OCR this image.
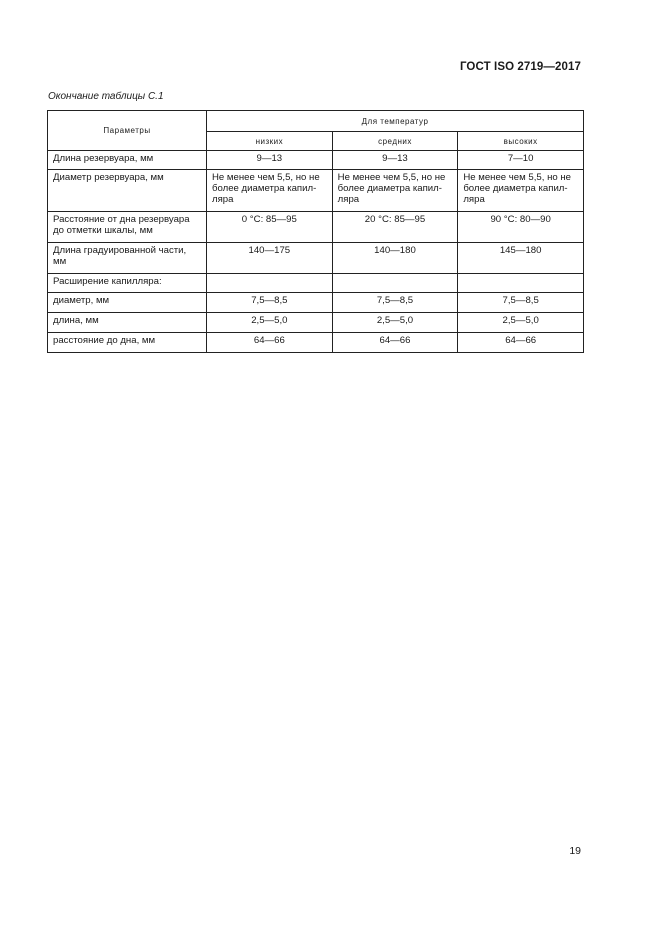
ГОСТ ISO 2719—2017
Окончание таблицы С.1
Параметры	Для температур		
	низких	средних	высоких
Длина резервуара, мм	9—13	9—13	7—10
Диаметр резервуара, мм	Не менее чем 5,5, но не более диаметра капил-ляра	Не менее чем 5,5, но не более диаметра капил-ляра	Не менее чем 5,5, но не более диаметра капил-ляра
Расстояние от дна резервуара до отметки шкалы, мм	0 °С: 85—95	20 °С: 85—95	90 °С: 80—90
Длина градуированной части, мм	140—175	140—180	145—180
Расширение капилляра:			
диаметр, мм	7,5—8,5	7,5—8,5	7,5—8,5
длина, мм	2,5—5,0	2,5—5,0	2,5—5,0
расстояние до дна, мм	64—66	64—66	64—66
19
